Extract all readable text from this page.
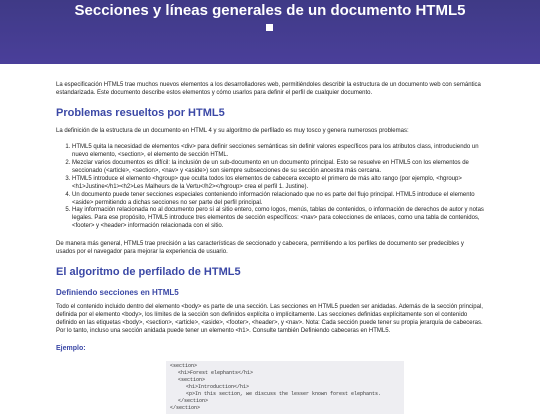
Secciones y líneas generales de un documento HTML5

La especificación HTML5 trae muchos nuevos elementos a los desarrolladores web, permitiéndoles describir la estructura de un documento web con semántica estandarizada. Este documento describe estos elementos y cómo usarlos para definir el perfil de cualquier documento.

Problemas resueltos por HTML5

La definición de la estructura de un documento en HTML 4 y su algoritmo de perfilado es muy tosco y genera numerosos problemas:

1. HTML5 quita la necesidad de elementos <div> para definir secciones semánticas sin definir valores específicos para los atributos class, introduciendo un nuevo elemento, <section>, el elemento de sección HTML.
2. Mezclar varios documentos es difícil: la inclusión de un sub-documento en un documento principal. Esto se resuelve en HTML5 con los elementos de seccionado (<article>, <section>, <nav> y <aside>) son siempre subsecciones de su sección ancestra más cercana.
3. HTML5 introduce el elemento <hgroup> que oculta todos los elementos de cabecera excepto el primero de más alto rango (por ejemplo, <hgroup><h1>Justine</h1><h2>Les Malheurs de la Vertu</h2></hgroup> crea el perfil 1. Justine).
4. Un documento puede tener secciones especiales conteniendo información relacionado que no es parte del flujo principal. HTML5 introduce el elemento <aside> permitiendo a dichas secciones no ser parte del perfil principal.
5. Hay información relacionada no al documento pero sí al sitio entero, como logos, menús, tablas de contenidos, o información de derechos de autor y notas legales. Para ese propósito, HTML5 introduce tres elementos de sección específicos: <nav> para colecciones de enlaces, como una tabla de contenidos, <footer> y <header> información relacionada con el sitio.

De manera más general, HTML5 trae precisión a las características de seccionado y cabecera, permitiendo a los perfiles de documento ser predecibles y usados por el navegador para mejorar la experiencia de usuario.

El algoritmo de perfilado de HTML5
Definiendo secciones en HTML5

Todo el contenido incluido dentro del elemento <body> es parte de una sección. Las secciones en HTML5 pueden ser anidadas. Además de la sección principal, definida por el elemento <body>, los límites de la sección son definidos explícita o implícitamente. Las secciones definidas explícitamente son el contenido definido en las etiquetas <body>, <section>, <article>, <aside>, <footer>, <header>, y <nav>. Nota: Cada sección puede tener su propia jerarquía de cabeceras. Por lo tanto, incluso una sección anidada puede tener un elemento <h1>. Consulte también Definiendo cabeceras en HTML5.

Ejemplo:
<section>
<h1>Forest elephants</h1>
<section>
<h1>Introduction</h1>
<p>In this section, we discuss the lesser known forest elephants.
</section>
</section>
